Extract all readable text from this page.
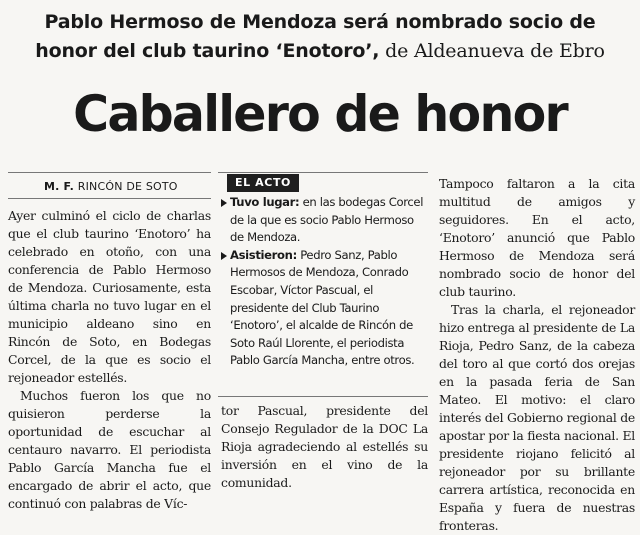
Pablo Hermoso de Mendoza será nombrado socio de
honor del club taurino ‘Enotoro’, de Aldeanueva de Ebro
Caballero de honor
M. F. RINCÓN DE SOTO

Ayer culminó el ciclo de charlas que el club taurino ‘Enotoro’ ha celebrado en otoño, con una conferencia de Pablo Hermoso de Mendoza. Curiosamente, esta última charla no tuvo lugar en el municipio aldeano sino en Rincón de Soto, en Bodegas Corcel, de la que es socio el rejoneador estellés.

Muchos fueron los que no quisieron perderse la oportunidad de escuchar al centauro navarro. El periodista Pablo García Mancha fue el encargado de abrir el acto, que continuó con palabras de Víc-

EL ACTO

Tuvo lugar: en las bodegas Corcel de la que es socio Pablo Hermoso de Mendoza.

Asistieron: Pedro Sanz, Pablo Hermosos de Mendoza, Conrado Escobar, Víctor Pascual, el presidente del Club Taurino ‘Enotoro’, el alcalde de Rincón de Soto Raúl Llorente, el periodista Pablo García Mancha, entre otros.

tor Pascual, presidente del Consejo Regulador de la DOC La Rioja agradeciendo al estellés su inversión en el vino de la comunidad.

Tampoco faltaron a la cita multitud de amigos y seguidores. En el acto, ‘Enotoro’ anunció que Pablo Hermoso de Mendoza será nombrado socio de honor del club taurino.

Tras la charla, el rejoneador hizo entrega al presidente de La Rioja, Pedro Sanz, de la cabeza del toro al que cortó dos orejas en la pasada feria de San Mateo. El motivo: el claro interés del Gobierno regional de apostar por la fiesta nacional. El presidente riojano felicitó al rejoneador por su brillante carrera artística, reconocida en España y fuera de nuestras fronteras.
